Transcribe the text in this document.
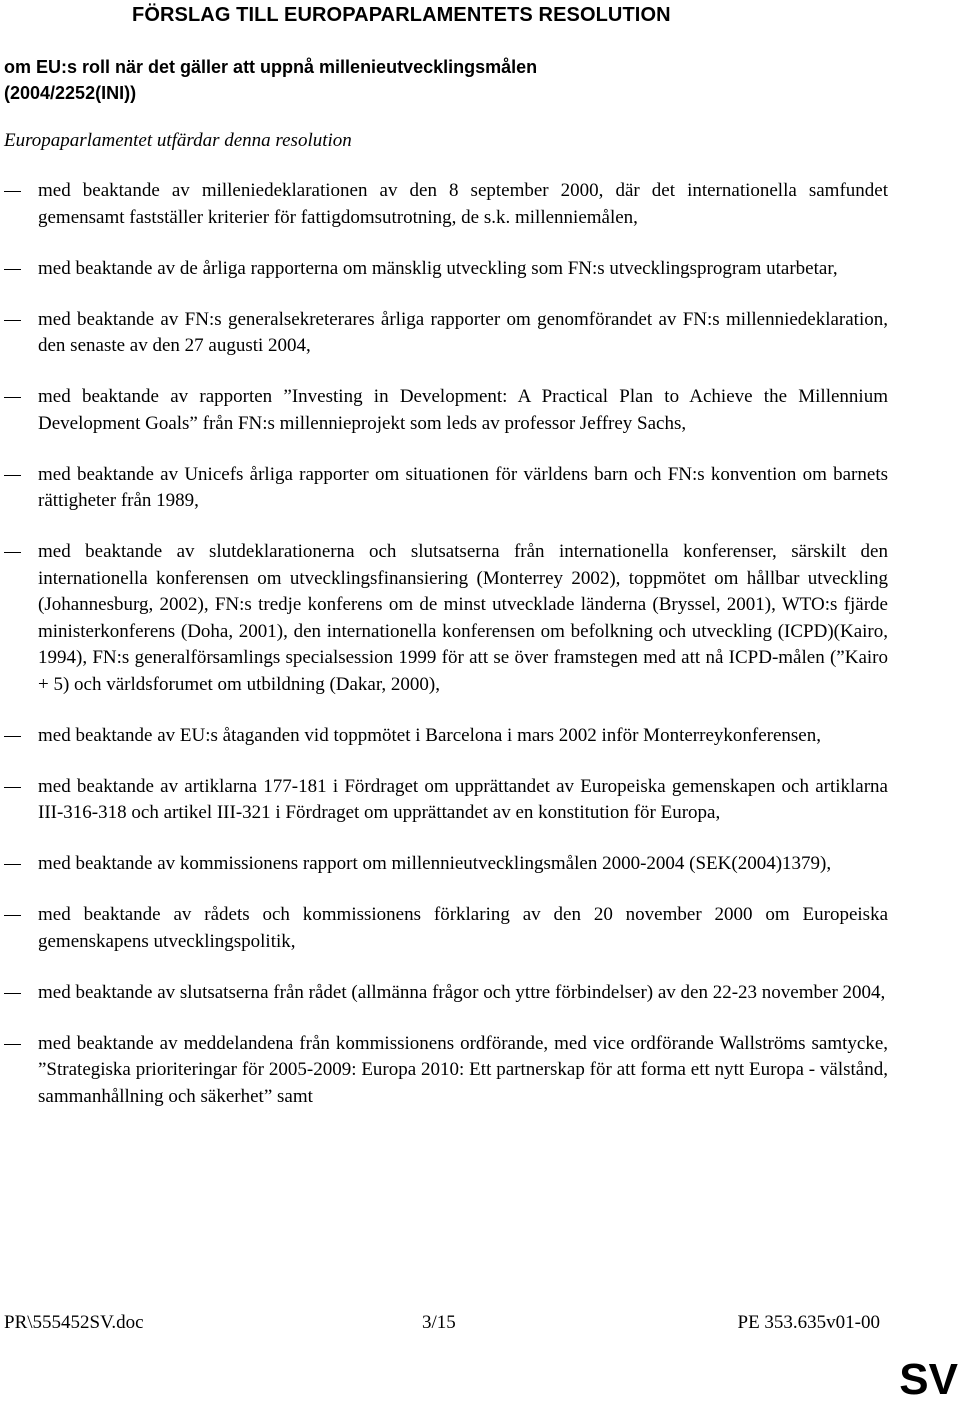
FÖRSLAG TILL EUROPAPARLAMENTETS RESOLUTION
om EU:s roll när det gäller att uppnå millenieutvecklingsmålen
(2004/2252(INI))
Europaparlamentet utfärdar denna resolution
med beaktande av milleniedeklarationen av den 8 september 2000, där det internationella samfundet gemensamt fastställer kriterier för fattigdomsutrotning, de s.k. millenniemålen,
med beaktande av de årliga rapporterna om mänsklig utveckling som FN:s utvecklingsprogram utarbetar,
med beaktande av FN:s generalsekreterares årliga rapporter om genomförandet av FN:s millenniedeklaration, den senaste av den 27 augusti 2004,
med beaktande av rapporten ”Investing in Development: A Practical Plan to Achieve the Millennium Development Goals” från FN:s millennieprojekt som leds av professor Jeffrey Sachs,
med beaktande av Unicefs årliga rapporter om situationen för världens barn och FN:s konvention om barnets rättigheter från 1989,
med beaktande av slutdeklarationerna och slutsatserna från internationella konferenser, särskilt den internationella konferensen om utvecklingsfinansiering (Monterrey 2002), toppmötet om hållbar utveckling (Johannesburg, 2002), FN:s tredje konferens om de minst utvecklade länderna (Bryssel, 2001), WTO:s fjärde ministerkonferens (Doha, 2001), den internationella konferensen om befolkning och utveckling (ICPD)(Kairo, 1994), FN:s generalförsamlings specialsession 1999 för att se över framstegen med att nå ICPD-målen (”Kairo + 5) och världsforumet om utbildning (Dakar, 2000),
med beaktande av EU:s åtaganden vid toppmötet i Barcelona i mars 2002 inför Monterreykonferensen,
med beaktande av artiklarna 177-181 i Fördraget om upprättandet av Europeiska gemenskapen och artiklarna III-316-318 och artikel III-321 i Fördraget om upprättandet av en konstitution för Europa,
med beaktande av kommissionens rapport om millennieutvecklingsmålen 2000-2004 (SEK(2004)1379),
med beaktande av rådets och kommissionens förklaring av den 20 november 2000 om Europeiska gemenskapens utvecklingspolitik,
med beaktande av slutsatserna från rådet (allmänna frågor och yttre förbindelser) av den 22-23 november 2004,
med beaktande av meddelandena från kommissionens ordförande, med vice ordförande Wallströms samtycke, ”Strategiska prioriteringar för 2005-2009: Europa 2010: Ett partnerskap för att forma ett nytt Europa - välstånd, sammanhållning och säkerhet” samt
PR\555452SV.doc	3/15	PE 353.635v01-00
SV
